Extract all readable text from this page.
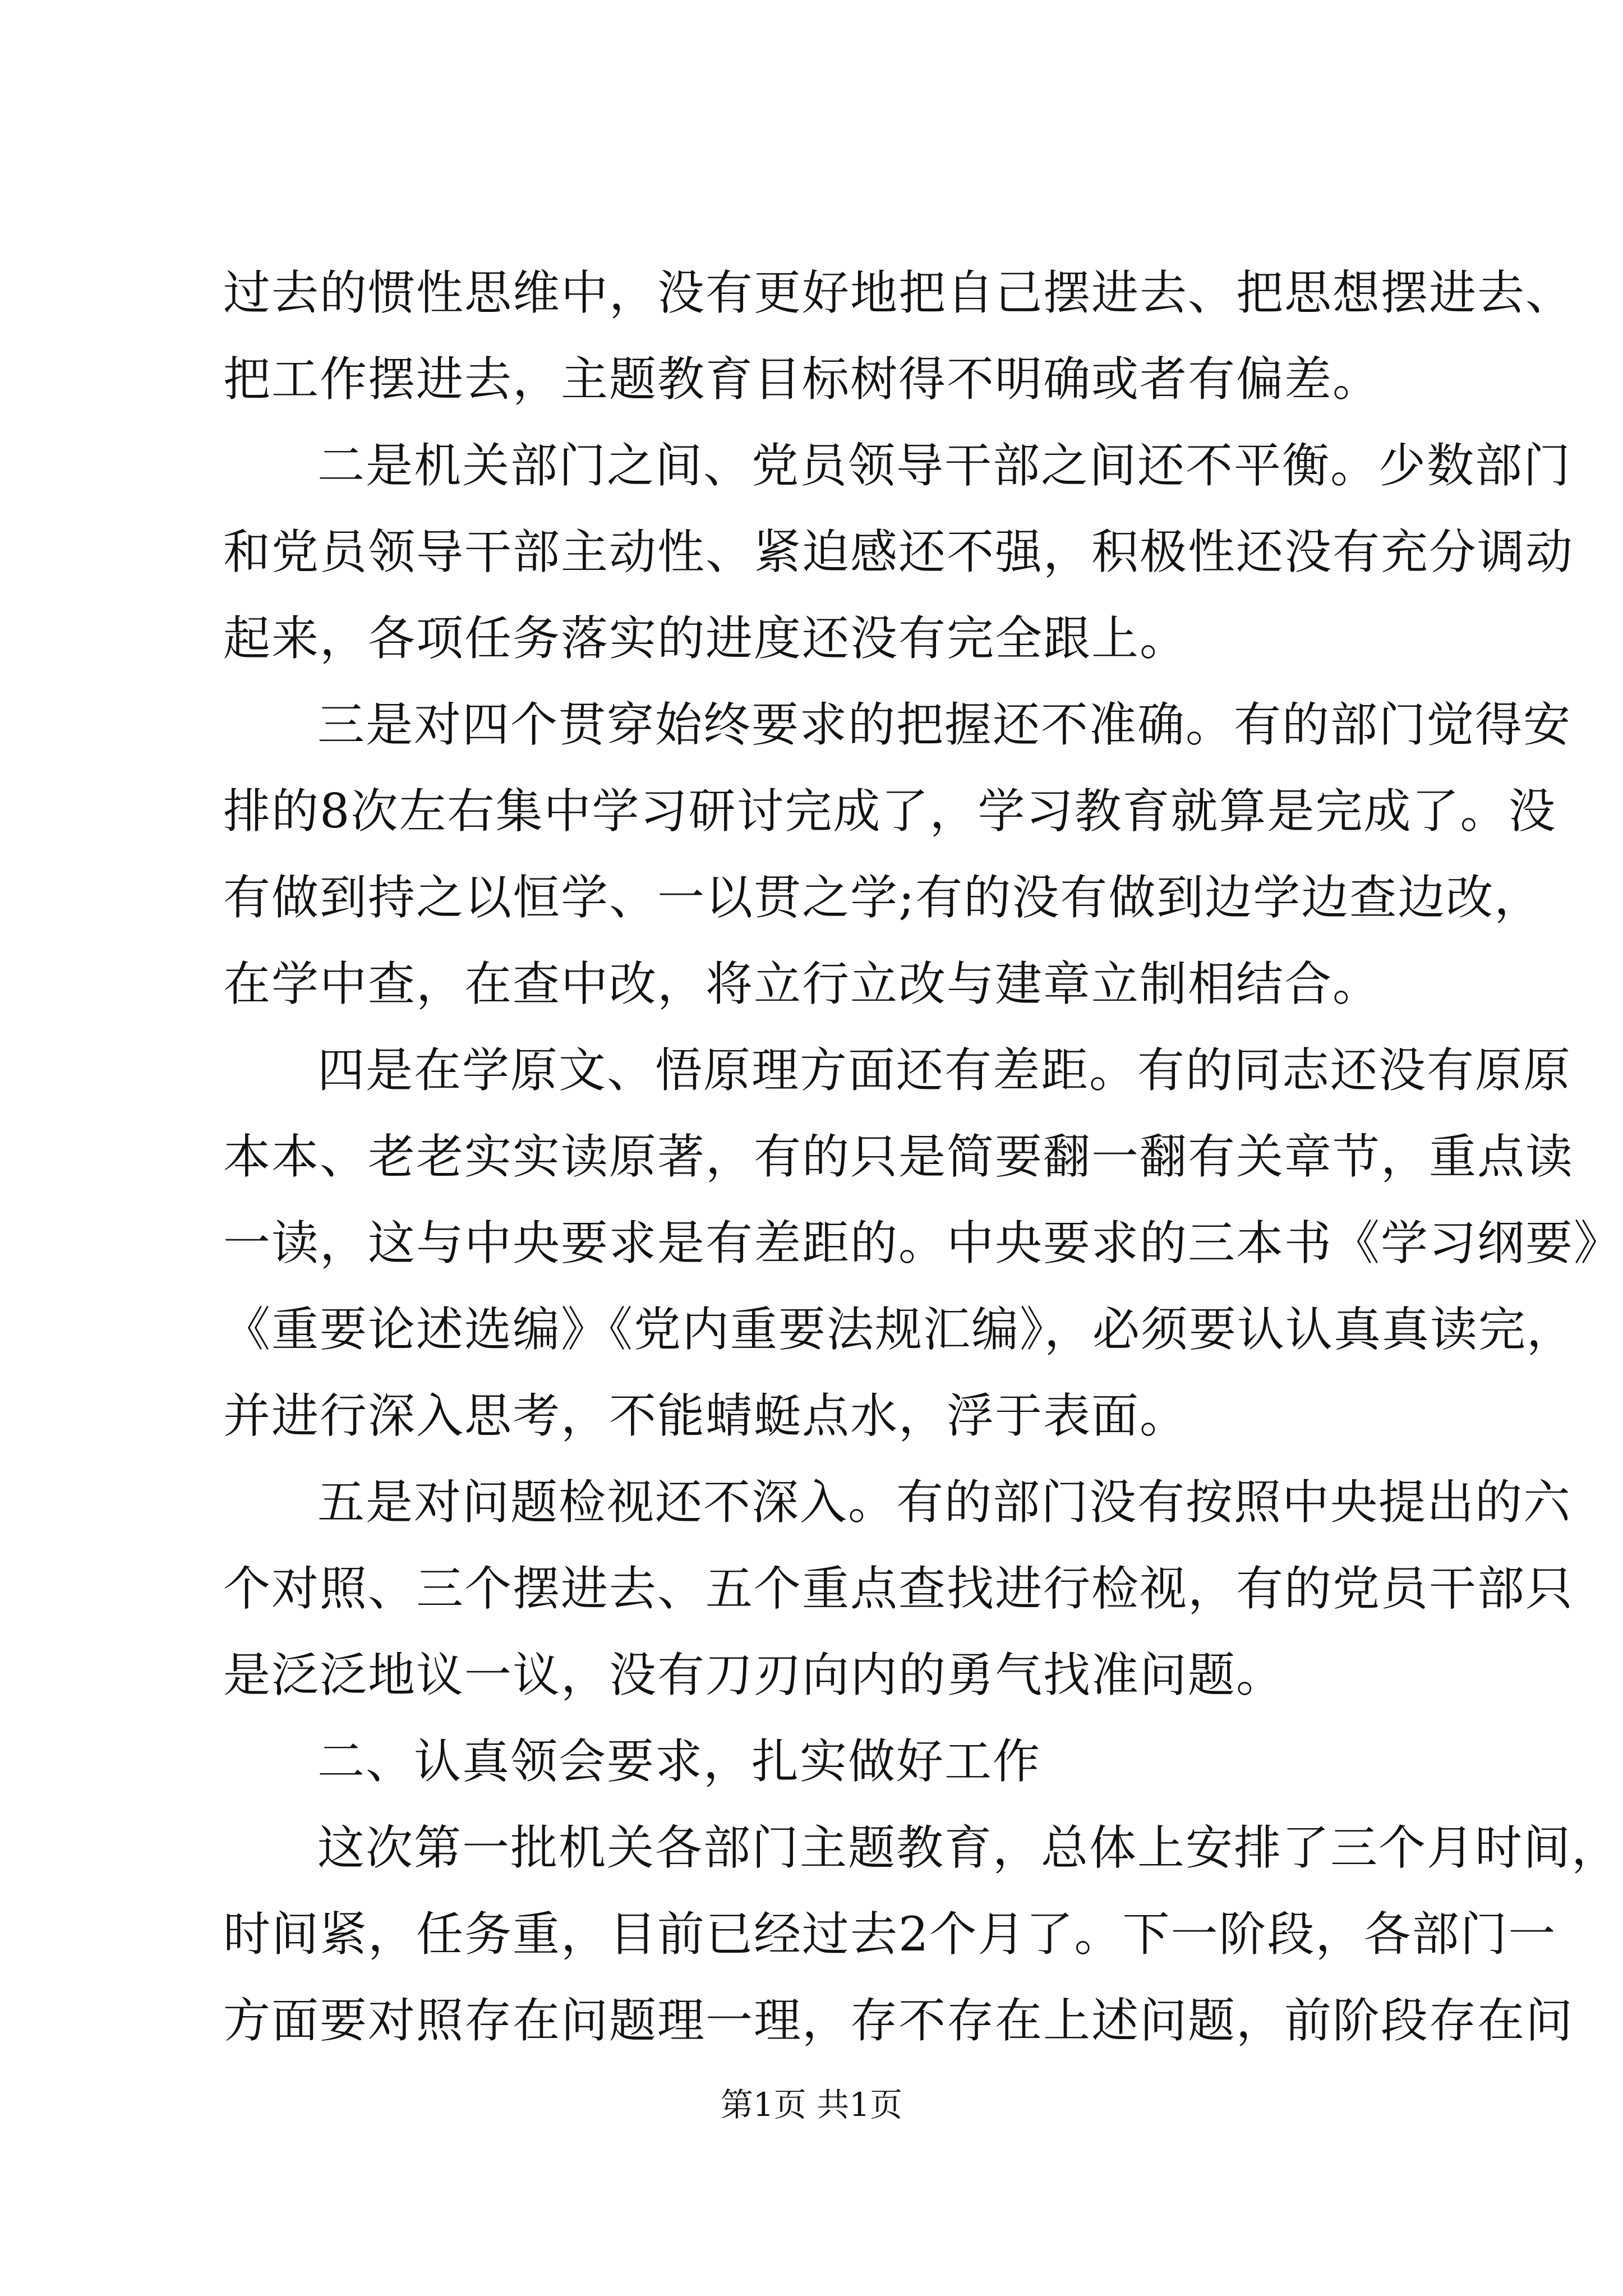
过去的惯性思维中，没有更好地把自己摆进去、把思想摆进去、
把工作摆进去，主题教育目标树得不明确或者有偏差。
二是机关部门之间、党员领导干部之间还不平衡。少数部门
和党员领导干部主动性、紧迫感还不强，积极性还没有充分调动
起来，各项任务落实的进度还没有完全跟上。
三是对四个贯穿始终要求的把握还不准确。有的部门觉得安
排的8次左右集中学习研讨完成了，学习教育就算是完成了。没
有做到持之以恒学、一以贯之学;有的没有做到边学边查边改，
在学中查，在查中改，将立行立改与建章立制相结合。
四是在学原文、悟原理方面还有差距。有的同志还没有原原
本本、老老实实读原著，有的只是简要翻一翻有关章节，重点读
一读，这与中央要求是有差距的。中央要求的三本书《学习纲要》
《重要论述选编》《党内重要法规汇编》，必须要认认真真读完，
并进行深入思考，不能蜻蜓点水，浮于表面。
五是对问题检视还不深入。有的部门没有按照中央提出的六
个对照、三个摆进去、五个重点查找进行检视，有的党员干部只
是泛泛地议一议，没有刀刃向内的勇气找准问题。
二、认真领会要求，扎实做好工作
这次第一批机关各部门主题教育，总体上安排了三个月时间，
时间紧，任务重，目前已经过去2个月了。下一阶段，各部门一
方面要对照存在问题理一理，存不存在上述问题，前阶段存在问
第1页 共1页
